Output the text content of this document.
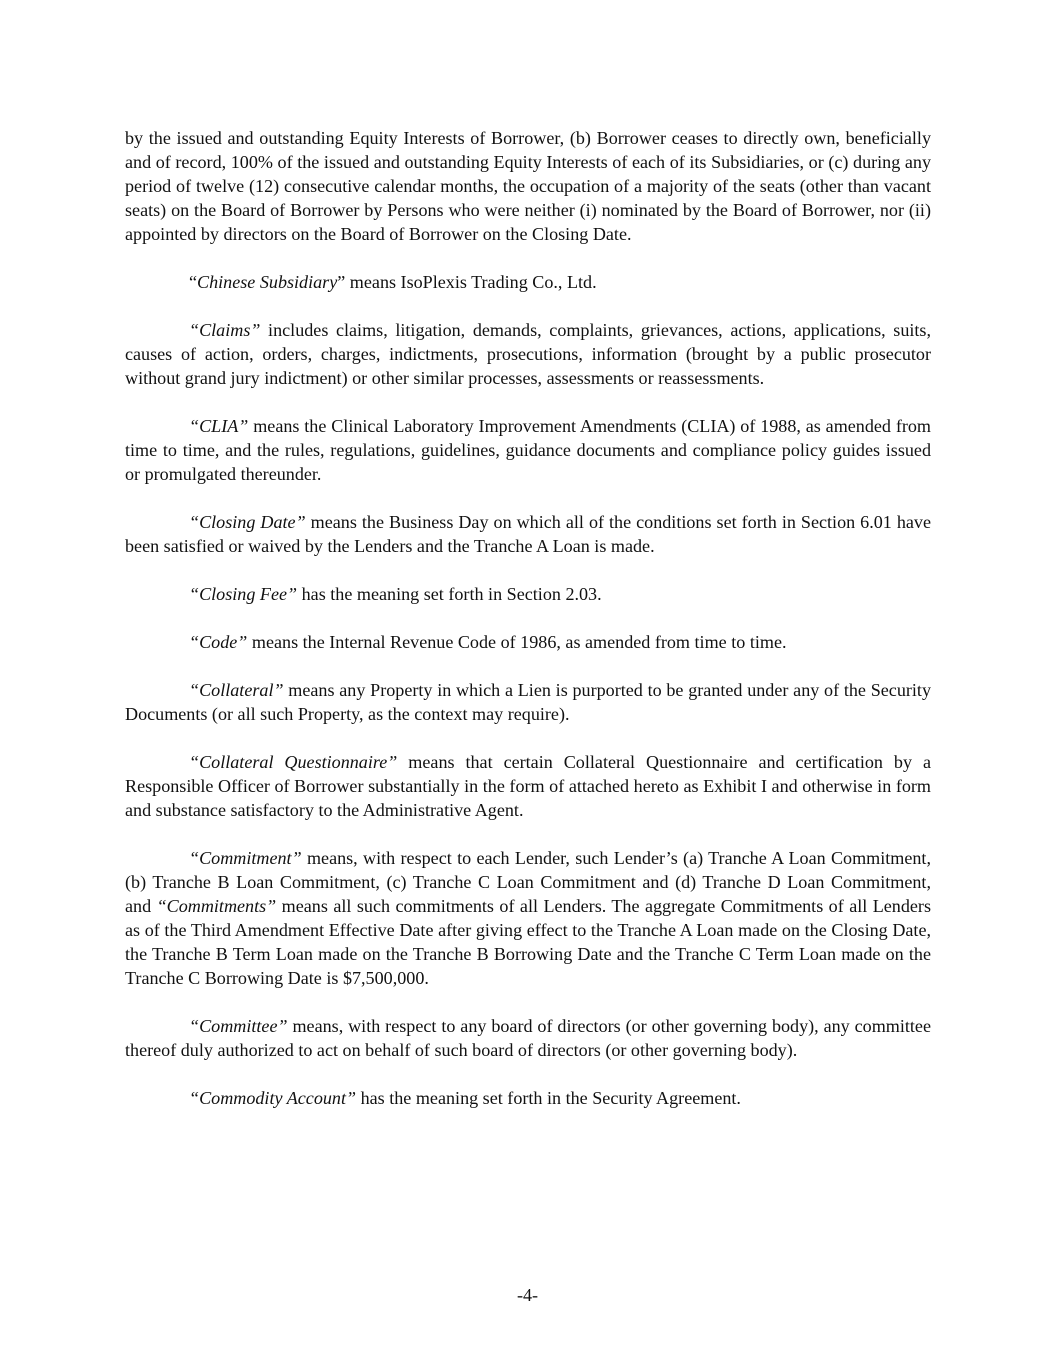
by the issued and outstanding Equity Interests of Borrower, (b) Borrower ceases to directly own, beneficially and of record, 100% of the issued and outstanding Equity Interests of each of its Subsidiaries, or (c) during any period of twelve (12) consecutive calendar months, the occupation of a majority of the seats (other than vacant seats) on the Board of Borrower by Persons who were neither (i) nominated by the Board of Borrower, nor (ii) appointed by directors on the Board of Borrower on the Closing Date.

“Chinese Subsidiary” means IsoPlexis Trading Co., Ltd.

“Claims” includes claims, litigation, demands, complaints, grievances, actions, applications, suits, causes of action, orders, charges, indictments, prosecutions, information (brought by a public prosecutor without grand jury indictment) or other similar processes, assessments or reassessments.

“CLIA” means the Clinical Laboratory Improvement Amendments (CLIA) of 1988, as amended from time to time, and the rules, regulations, guidelines, guidance documents and compliance policy guides issued or promulgated thereunder.

“Closing Date” means the Business Day on which all of the conditions set forth in Section 6.01 have been satisfied or waived by the Lenders and the Tranche A Loan is made.

“Closing Fee” has the meaning set forth in Section 2.03.

“Code” means the Internal Revenue Code of 1986, as amended from time to time.

“Collateral” means any Property in which a Lien is purported to be granted under any of the Security Documents (or all such Property, as the context may require).

“Collateral Questionnaire” means that certain Collateral Questionnaire and certification by a Responsible Officer of Borrower substantially in the form of attached hereto as Exhibit I and otherwise in form and substance satisfactory to the Administrative Agent.

“Commitment” means, with respect to each Lender, such Lender’s (a) Tranche A Loan Commitment, (b) Tranche B Loan Commitment, (c) Tranche C Loan Commitment and (d) Tranche D Loan Commitment, and “Commitments” means all such commitments of all Lenders. The aggregate Commitments of all Lenders as of the Third Amendment Effective Date after giving effect to the Tranche A Loan made on the Closing Date, the Tranche B Term Loan made on the Tranche B Borrowing Date and the Tranche C Term Loan made on the Tranche C Borrowing Date is $7,500,000.

“Committee” means, with respect to any board of directors (or other governing body), any committee thereof duly authorized to act on behalf of such board of directors (or other governing body).

“Commodity Account” has the meaning set forth in the Security Agreement.

-4-
